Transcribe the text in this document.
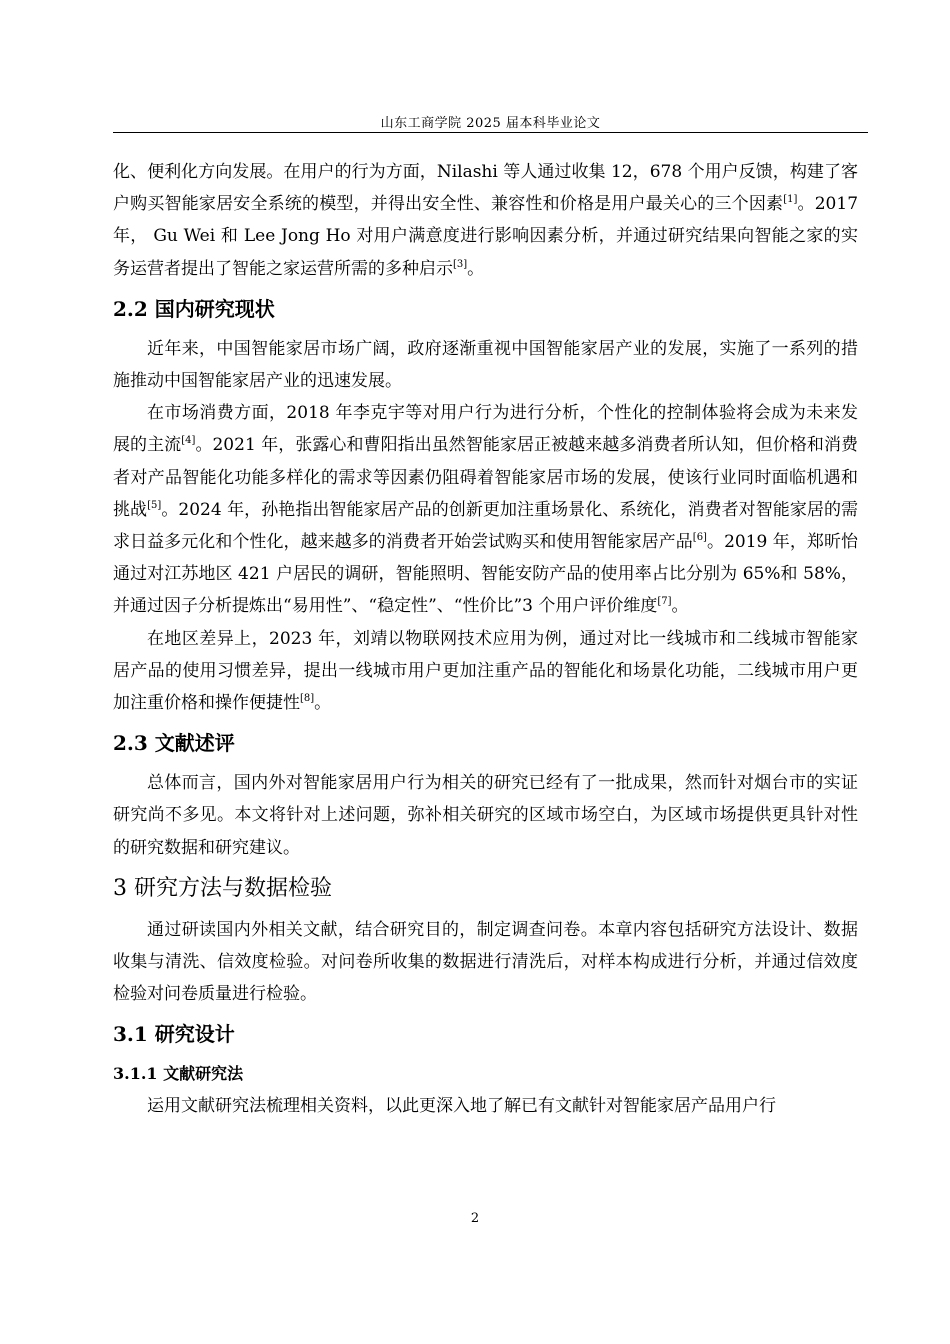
山东工商学院 2025 届本科毕业论文

化、便利化方向发展。在用户的行为方面，Nilashi 等人通过收集 12，678 个用户反馈，构建了客户购买智能家居安全系统的模型，并得出安全性、兼容性和价格是用户最关心的三个因素[1]。2017 年， Gu Wei 和 Lee Jong Ho 对用户满意度进行影响因素分析，并通过研究结果向智能之家的实务运营者提出了智能之家运营所需的多种启示[3]。

2.2 国内研究现状

近年来，中国智能家居市场广阔，政府逐渐重视中国智能家居产业的发展，实施了一系列的措施推动中国智能家居产业的迅速发展。

在市场消费方面，2018 年李克宇等对用户行为进行分析，个性化的控制体验将会成为未来发展的主流[4]。2021 年，张露心和曹阳指出虽然智能家居正被越来越多消费者所认知，但价格和消费者对产品智能化功能多样化的需求等因素仍阻碍着智能家居市场的发展，使该行业同时面临机遇和挑战[5]。2024 年，孙艳指出智能家居产品的创新更加注重场景化、系统化，消费者对智能家居的需求日益多元化和个性化，越来越多的消费者开始尝试购买和使用智能家居产品[6]。2019 年，郑昕怡通过对江苏地区 421 户居民的调研，智能照明、智能安防产品的使用率占比分别为 65%和 58%，并通过因子分析提炼出“易用性”、“稳定性”、“性价比”3 个用户评价维度[7]。

在地区差异上，2023 年，刘靖以物联网技术应用为例，通过对比一线城市和二线城市智能家居产品的使用习惯差异，提出一线城市用户更加注重产品的智能化和场景化功能，二线城市用户更加注重价格和操作便捷性[8]。

2.3 文献述评

总体而言，国内外对智能家居用户行为相关的研究已经有了一批成果，然而针对烟台市的实证研究尚不多见。本文将针对上述问题，弥补相关研究的区域市场空白，为区域市场提供更具针对性的研究数据和研究建议。

3 研究方法与数据检验

通过研读国内外相关文献，结合研究目的，制定调查问卷。本章内容包括研究方法设计、数据收集与清洗、信效度检验。对问卷所收集的数据进行清洗后，对样本构成进行分析，并通过信效度检验对问卷质量进行检验。

3.1 研究设计
3.1.1 文献研究法

运用文献研究法梳理相关资料，以此更深入地了解已有文献针对智能家居产品用户行

2
